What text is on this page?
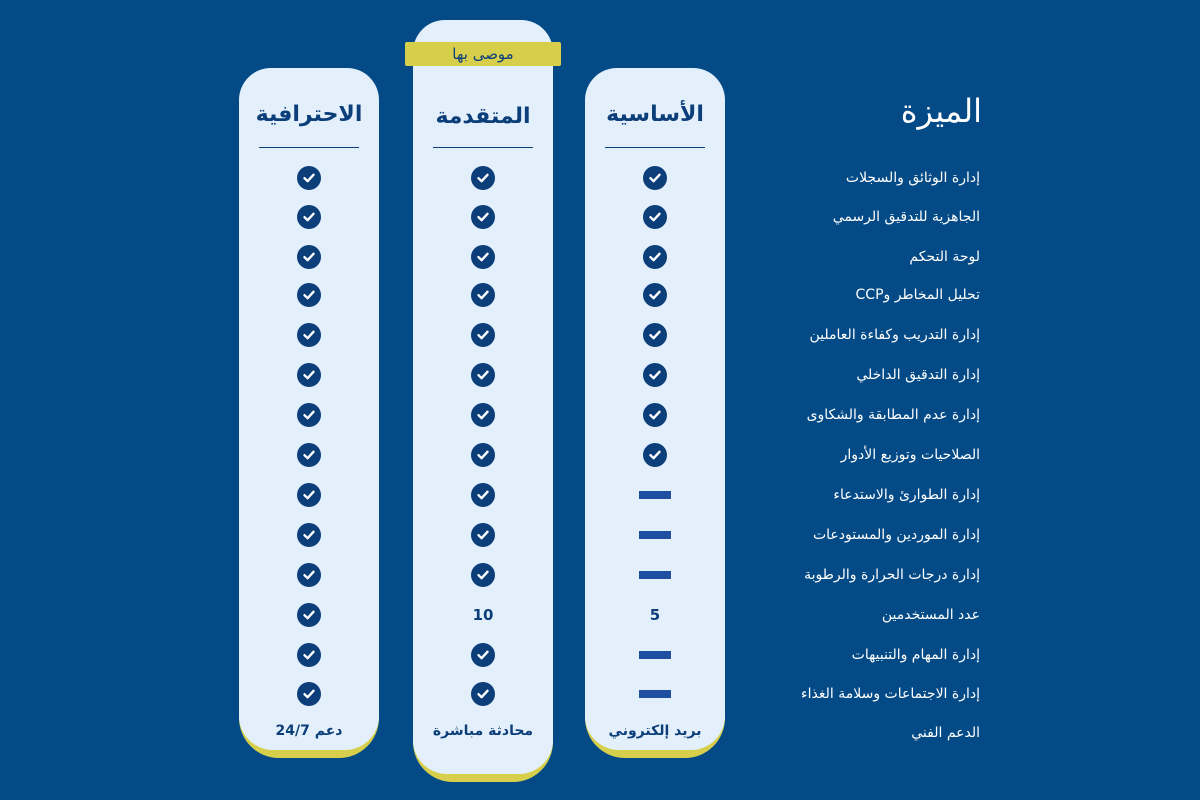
الميزة
إدارة الوثائق والسجلات
الجاهزية للتدقيق الرسمي
لوحة التحكم
تحليل المخاطر وCCP
إدارة التدريب وكفاءة العاملين
إدارة التدقيق الداخلي
إدارة عدم المطابقة والشكاوى
الصلاحيات وتوزيع الأدوار
إدارة الطوارئ والاستدعاء
إدارة الموردين والمستودعات
إدارة درجات الحرارة والرطوبة
عدد المستخدمين
إدارة المهام والتنبيهات
إدارة الاجتماعات وسلامة الغذاء
الدعم الفني
الاحترافية
دعم 24/7
المتقدمة
10
محادثة مباشرة
موصى بها
الأساسية
5
بريد إلكتروني
